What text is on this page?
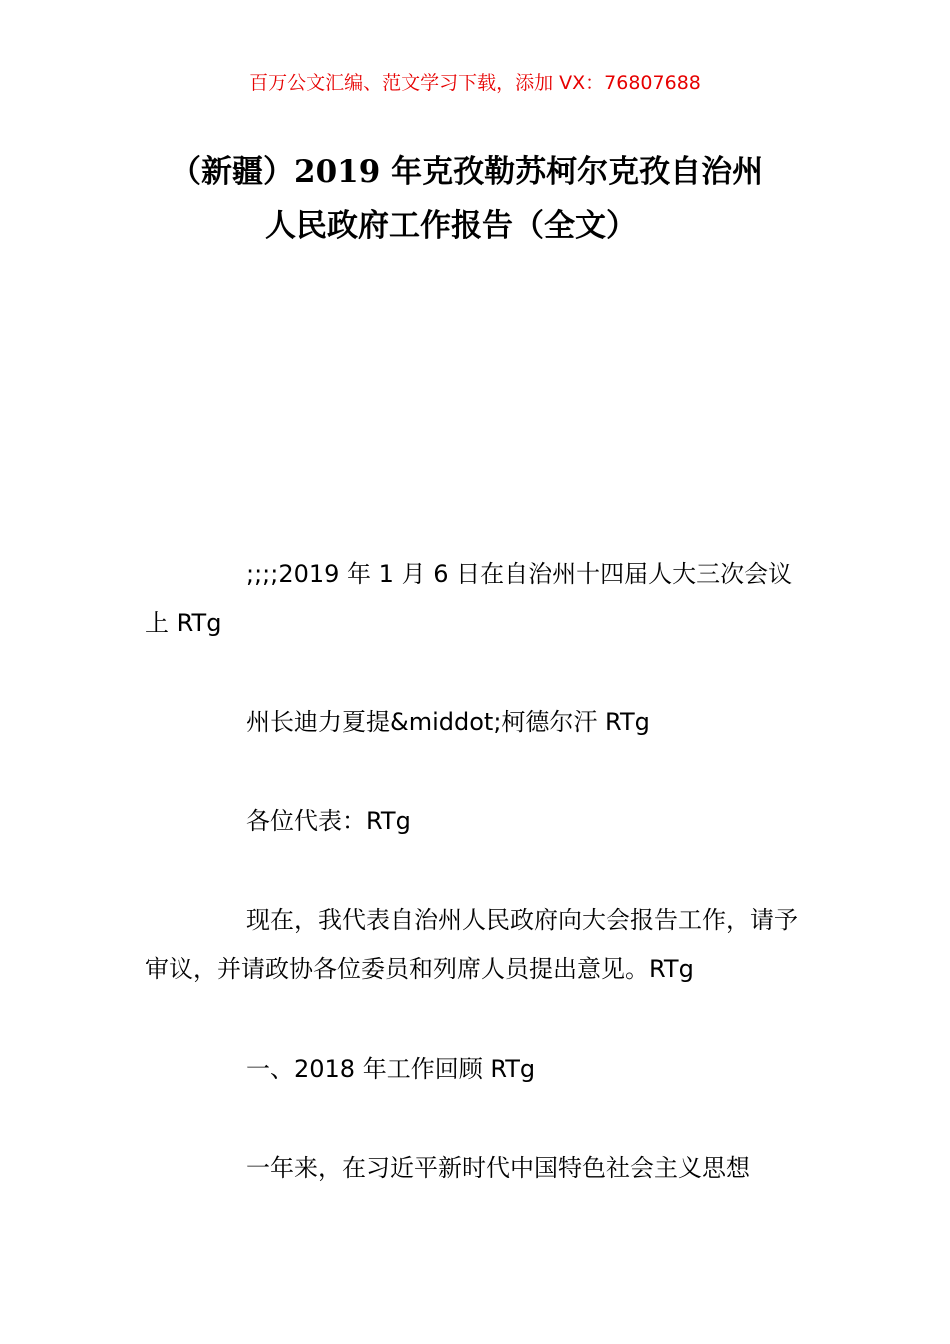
百万公文汇编、范文学习下载，添加 VX：76807688
（新疆）2019 年克孜勒苏柯尔克孜自治州
人民政府工作报告（全文）

;;;;2019 年 1 月 6 日在自治州十四届人大三次会议上 RTg

州长迪力夏提&middot;柯德尔汗 RTg

各位代表：RTg

现在，我代表自治州人民政府向大会报告工作，请予审议，并请政协各位委员和列席人员提出意见。RTg

一、2018 年工作回顾 RTg

一年来，在习近平新时代中国特色社会主义思想
